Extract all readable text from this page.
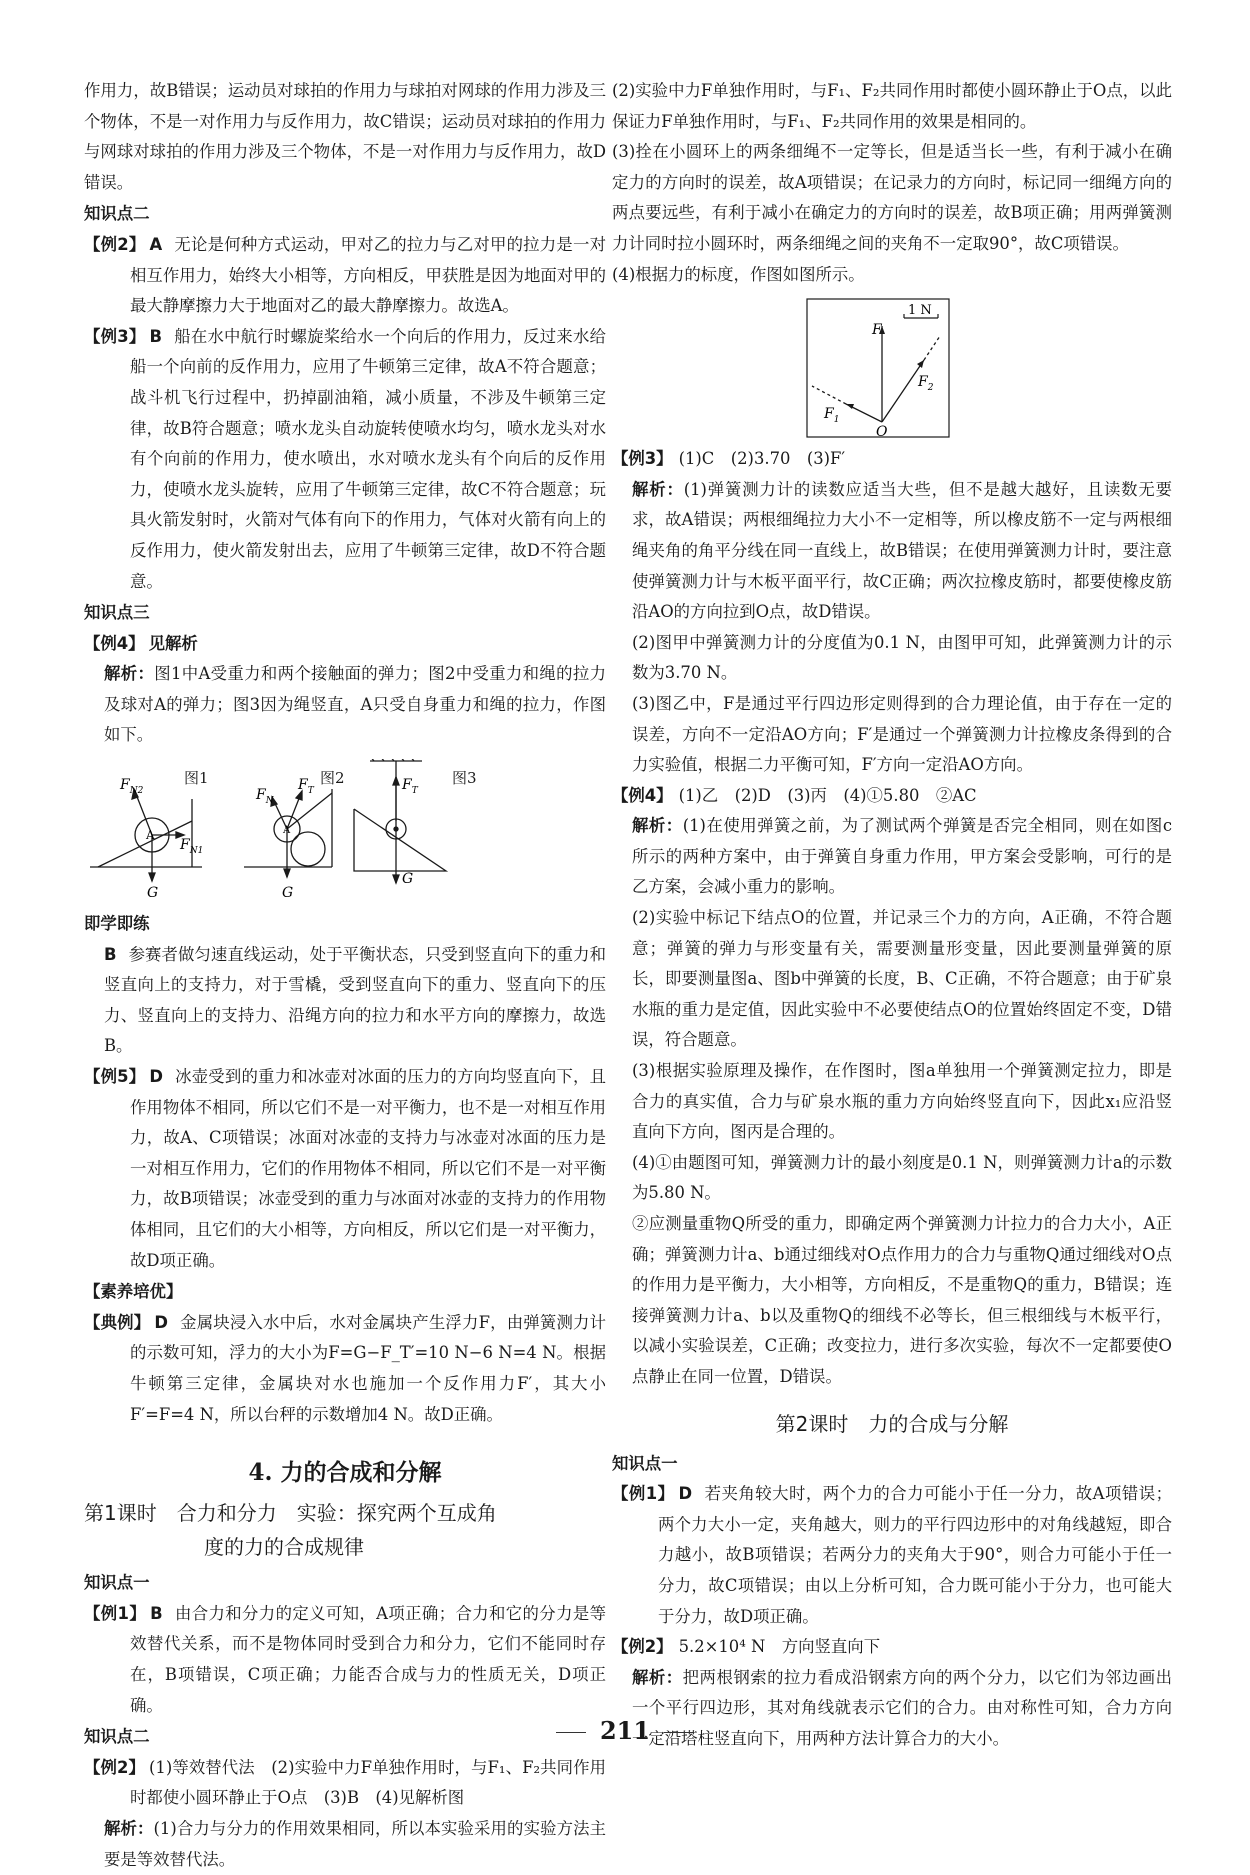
作用力，故B错误；运动员对球拍的作用力与球拍对网球的作用力涉及三个物体，不是一对作用力与反作用力，故C错误；运动员对球拍的作用力与网球对球拍的作用力涉及三个物体，不是一对作用力与反作用力，故D错误。

知识点二

【例2】 A 无论是何种方式运动，甲对乙的拉力与乙对甲的拉力是一对相互作用力，始终大小相等，方向相反，甲获胜是因为地面对甲的最大静摩擦力大于地面对乙的最大静摩擦力。故选A。

【例3】 B 船在水中航行时螺旋桨给水一个向后的作用力，反过来水给船一个向前的反作用力，应用了牛顿第三定律，故A不符合题意；战斗机飞行过程中，扔掉副油箱，减小质量，不涉及牛顿第三定律，故B符合题意；喷水龙头自动旋转使喷水均匀，喷水龙头对水有个向前的作用力，使水喷出，水对喷水龙头有个向后的反作用力，使喷水龙头旋转，应用了牛顿第三定律，故C不符合题意；玩具火箭发射时，火箭对气体有向下的作用力，气体对火箭有向上的反作用力，使火箭发射出去，应用了牛顿第三定律，故D不符合题意。

知识点三

【例4】 见解析

解析：图1中A受重力和两个接触面的弹力；图2中受重力和绳的拉力及球对A的弹力；图3因为绳竖直，A只受自身重力和绳的拉力，作图如下。

A
$F_{N2}$
$F_{N1}$
G
A
$F_N$
$F_T$
G
$F_T$
G
图1	图2	图3
即学即练

B 参赛者做匀速直线运动，处于平衡状态，只受到竖直向下的重力和竖直向上的支持力，对于雪橇，受到竖直向下的重力、竖直向下的压力、竖直向上的支持力、沿绳方向的拉力和水平方向的摩擦力，故选B。

【例5】 D 冰壶受到的重力和冰壶对冰面的压力的方向均竖直向下，且作用物体不相同，所以它们不是一对平衡力，也不是一对相互作用力，故A、C项错误；冰面对冰壶的支持力与冰壶对冰面的压力是一对相互作用力，它们的作用物体不相同，所以它们不是一对平衡力，故B项错误；冰壶受到的重力与冰面对冰壶的支持力的作用物体相同，且它们的大小相等，方向相反，所以它们是一对平衡力，故D项正确。

【素养培优】

【典例】 D 金属块浸入水中后，水对金属块产生浮力F，由弹簧测力计的示数可知，浮力的大小为F=G−F_T′=10 N−6 N=4 N。根据牛顿第三定律，金属块对水也施加一个反作用力F′，其大小F′=F=4 N，所以台秤的示数增加4 N。故D正确。

4. 力的合成和分解
第1课时　合力和分力　实验：探究两个互成角
度的力的合成规律
知识点一

【例1】 B 由合力和分力的定义可知，A项正确；合力和它的分力是等效替代关系，而不是物体同时受到合力和分力，它们不能同时存在，B项错误，C项正确；力能否合成与力的性质无关，D项正确。

知识点二

【例2】 (1)等效替代法　(2)实验中力F单独作用时，与F₁、F₂共同作用时都使小圆环静止于O点　(3)B　(4)见解析图

解析：(1)合力与分力的作用效果相同，所以本实验采用的实验方法主要是等效替代法。

(2)实验中力F单独作用时，与F₁、F₂共同作用时都使小圆环静止于O点，以此保证力F单独作用时，与F₁、F₂共同作用的效果是相同的。

(3)拴在小圆环上的两条细绳不一定等长，但是适当长一些，有利于减小在确定力的方向时的误差，故A项错误；在记录力的方向时，标记同一细绳方向的两点要远些，有利于减小在确定力的方向时的误差，故B项正确；用两弹簧测力计同时拉小圆环时，两条细绳之间的夹角不一定取90°，故C项错误。

(4)根据力的标度，作图如图所示。

1 N
F
$F_2$
$F_1$
O

【例3】 (1)C　(2)3.70　(3)F′

解析：(1)弹簧测力计的读数应适当大些，但不是越大越好，且读数无要求，故A错误；两根细绳拉力大小不一定相等，所以橡皮筋不一定与两根细绳夹角的角平分线在同一直线上，故B错误；在使用弹簧测力计时，要注意使弹簧测力计与木板平面平行，故C正确；两次拉橡皮筋时，都要使橡皮筋沿AO的方向拉到O点，故D错误。

(2)图甲中弹簧测力计的分度值为0.1 N，由图甲可知，此弹簧测力计的示数为3.70 N。

(3)图乙中，F是通过平行四边形定则得到的合力理论值，由于存在一定的误差，方向不一定沿AO方向；F′是通过一个弹簧测力计拉橡皮条得到的合力实验值，根据二力平衡可知，F′方向一定沿AO方向。

【例4】 (1)乙　(2)D　(3)丙　(4)①5.80　②AC

解析：(1)在使用弹簧之前，为了测试两个弹簧是否完全相同，则在如图c所示的两种方案中，由于弹簧自身重力作用，甲方案会受影响，可行的是乙方案，会减小重力的影响。

(2)实验中标记下结点O的位置，并记录三个力的方向，A正确，不符合题意；弹簧的弹力与形变量有关，需要测量形变量，因此要测量弹簧的原长，即要测量图a、图b中弹簧的长度，B、C正确，不符合题意；由于矿泉水瓶的重力是定值，因此实验中不必要使结点O的位置始终固定不变，D错误，符合题意。

(3)根据实验原理及操作，在作图时，图a单独用一个弹簧测定拉力，即是合力的真实值，合力与矿泉水瓶的重力方向始终竖直向下，因此x₁应沿竖直向下方向，图丙是合理的。

(4)①由题图可知，弹簧测力计的最小刻度是0.1 N，则弹簧测力计a的示数为5.80 N。

②应测量重物Q所受的重力，即确定两个弹簧测力计拉力的合力大小，A正确；弹簧测力计a、b通过细线对O点作用力的合力与重物Q通过细线对O点的作用力是平衡力，大小相等，方向相反，不是重物Q的重力，B错误；连接弹簧测力计a、b以及重物Q的细线不必等长，但三根细线与木板平行，以减小实验误差，C正确；改变拉力，进行多次实验，每次不一定都要使O点静止在同一位置，D错误。

第2课时　力的合成与分解
知识点一

【例1】 D 若夹角较大时，两个力的合力可能小于任一分力，故A项错误；两个力大小一定，夹角越大，则力的平行四边形中的对角线越短，即合力越小，故B项错误；若两分力的夹角大于90°，则合力可能小于任一分力，故C项错误；由以上分析可知，合力既可能小于分力，也可能大于分力，故D项正确。

【例2】 5.2×10⁴ N　方向竖直向下

解析：把两根钢索的拉力看成沿钢索方向的两个分力，以它们为邻边画出一个平行四边形，其对角线就表示它们的合力。由对称性可知，合力方向一定沿塔柱竖直向下，用两种方法计算合力的大小。

211
